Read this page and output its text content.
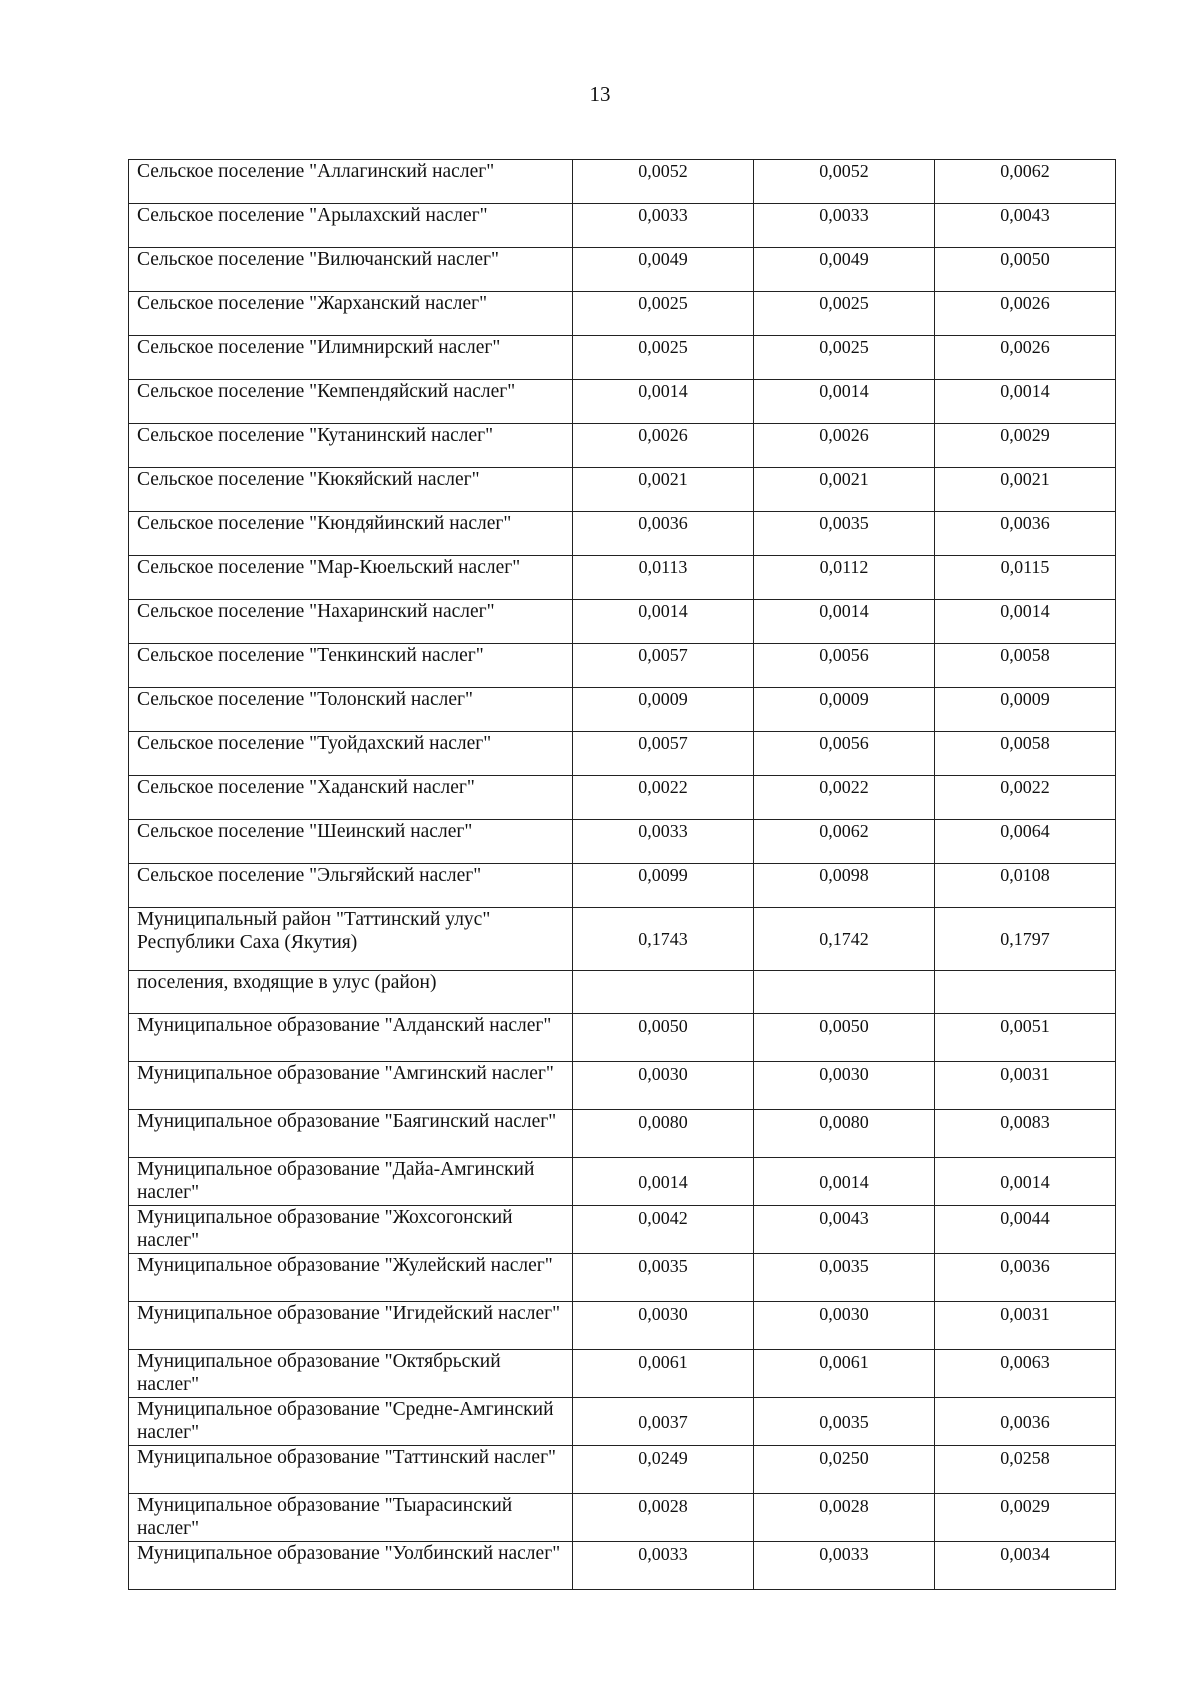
13
Сельское поселение "Аллагинский наслег"	0,0052	0,0052	0,0062
Сельское поселение "Арылахский наслег"	0,0033	0,0033	0,0043
Сельское поселение "Вилючанский наслег"	0,0049	0,0049	0,0050
Сельское поселение "Жарханский наслег"	0,0025	0,0025	0,0026
Сельское поселение "Илимнирский наслег"	0,0025	0,0025	0,0026
Сельское поселение "Кемпендяйский наслег"	0,0014	0,0014	0,0014
Сельское поселение "Кутанинский наслег"	0,0026	0,0026	0,0029
Сельское поселение "Кюкяйский наслег"	0,0021	0,0021	0,0021
Сельское поселение "Кюндяйинский наслег"	0,0036	0,0035	0,0036
Сельское поселение "Мар-Кюельский наслег"	0,0113	0,0112	0,0115
Сельское поселение "Нахаринский наслег"	0,0014	0,0014	0,0014
Сельское поселение "Тенкинский наслег"	0,0057	0,0056	0,0058
Сельское поселение "Толонский наслег"	0,0009	0,0009	0,0009
Сельское поселение "Туойдахский наслег"	0,0057	0,0056	0,0058
Сельское поселение "Хаданский наслег"	0,0022	0,0022	0,0022
Сельское поселение "Шеинский наслег"	0,0033	0,0062	0,0064
Сельское поселение "Эльгяйский наслег"	0,0099	0,0098	0,0108
Муниципальный район "Таттинский улус" Республики Саха (Якутия)	0,1743	0,1742	0,1797
поселения, входящие в улус (район)			
Муниципальное образование "Алданский наслег"	0,0050	0,0050	0,0051
Муниципальное образование "Амгинский наслег"	0,0030	0,0030	0,0031
Муниципальное образование "Баягинский наслег"	0,0080	0,0080	0,0083
Муниципальное образование "Дайа-Амгинский наслег"	0,0014	0,0014	0,0014
Муниципальное образование "Жохсогонский наслег"	0,0042	0,0043	0,0044
Муниципальное образование "Жулейский наслег"	0,0035	0,0035	0,0036
Муниципальное образование "Игидейский наслег"	0,0030	0,0030	0,0031
Муниципальное образование "Октябрьский наслег"	0,0061	0,0061	0,0063
Муниципальное образование "Средне-Амгинский наслег"	0,0037	0,0035	0,0036
Муниципальное образование "Таттинский наслег"	0,0249	0,0250	0,0258
Муниципальное образование "Тыарасинский наслег"	0,0028	0,0028	0,0029
Муниципальное образование "Уолбинский наслег"	0,0033	0,0033	0,0034
